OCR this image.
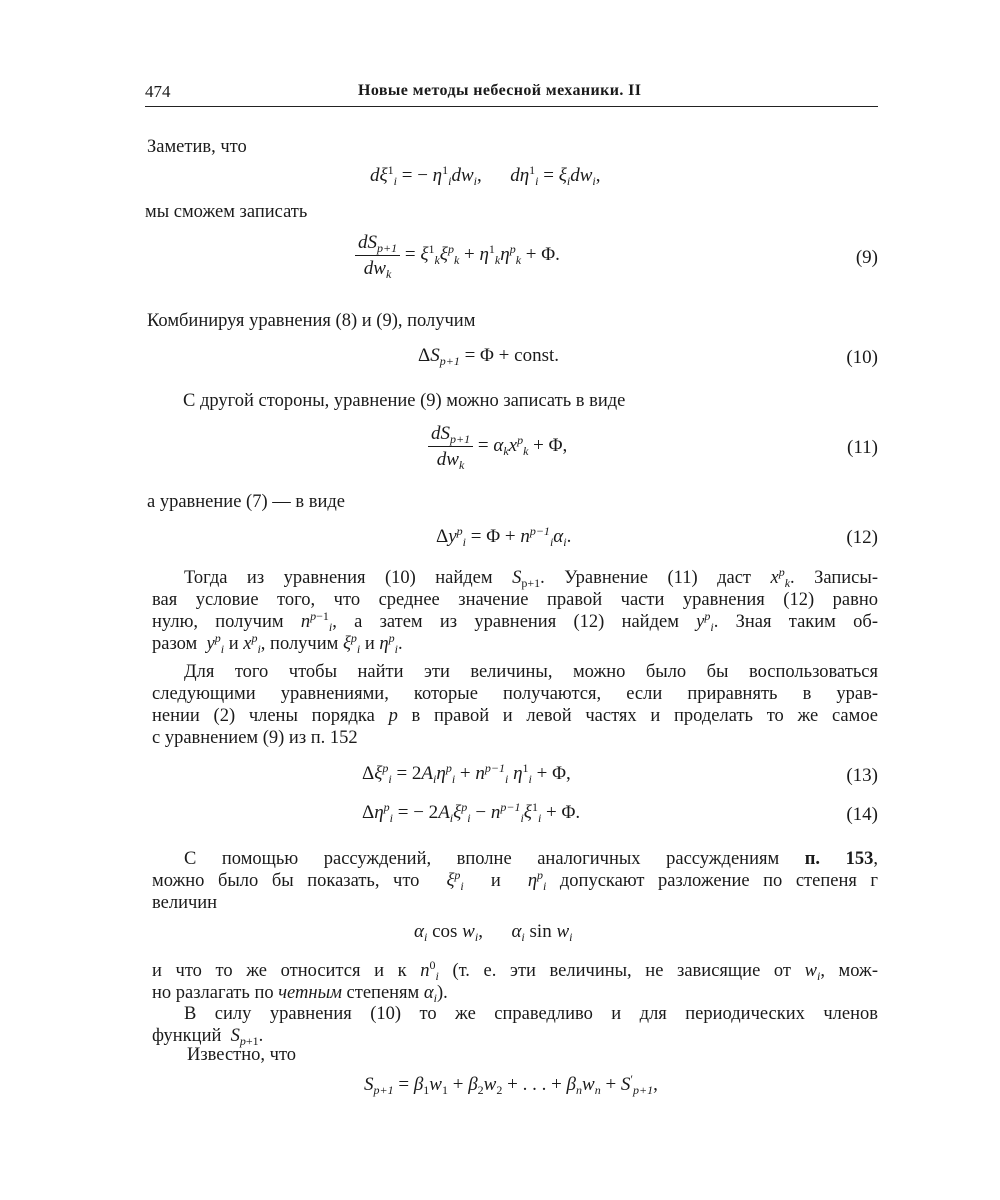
474	Новые методы небесной механики. II
Заметив, что
$d\xi^1_i$ = − $\eta^1_idw_i$,      $d\eta^1_i = \xi_idw_i$,
мы сможем записать
$\frac{dS_{p+1}}{dw_k} = \xi^1_k\xi^p_k + \eta^1_k\eta^p_k + \Phi$.	(9)
Комбинируя уравнения (8) и (9), получим
$\Delta S_{p+1} = \Phi$ + const.	(10)
С другой стороны, уравнение (9) можно записать в виде
$\frac{dS_{p+1}}{dw_k} = \alpha_kx^p_k + \Phi$,	(11)
а уравнение (7) — в виде
$\Delta y^p_i = \Phi + n^{p-1}_i\alpha_i$.	(12)
Тогда из уравнения (10) найдем $S_{p+1}$. Уравнение (11) даст $x^p_k$. Записы-
вая условие того, что среднее значение правой части уравнения (12) равно
нулю, получим $n^{p-1}_i$, а затем из уравнения (12) найдем $y^p_i$. Зная таким об-
разом  $y^p_i$ и $x^p_i$, получим $\xi^p_i$ и $\eta^p_i$.
Для того чтобы найти эти величины, можно было бы воспользоваться
следующими уравнениями, которые получаются, если приравнять в урав-
нении (2) члены порядка p в правой и левой частях и проделать то же самое
с уравнением (9) из п. 152
$\Delta\xi^p_i = 2A_i\eta^p_i + n^{p-1}_i$ $\eta^1_i + \Phi$,	(13)
$\Delta\eta^p_i$ = − $2A_i\xi^p_i - n^{p-1}_i\xi^1_i + \Phi$.	(14)
С помощью рассуждений, вполне аналогичных рассуждениям п. 153,
можно было бы показать, что  $\xi^p_i$  и  $\eta^p_i$ допускают разложение по степеня г
величин
$\alpha_i$ $\cos w_i$,      $\alpha_i$ $\sin w_i$
и что то же относится и к $n^0_i$ (т. е. эти величины, не зависящие от $w_i$, мож-
но разлагать по четным степеням $\alpha_i$).
В силу уравнения (10) то же справедливо и для периодических членов
функций  $S_{p+1}$.
Известно, что
$S_{p+1} = \beta_1w_1 + \beta_2w_2$ + . . . + $\beta_nw_n + S'_{p+1}$,
